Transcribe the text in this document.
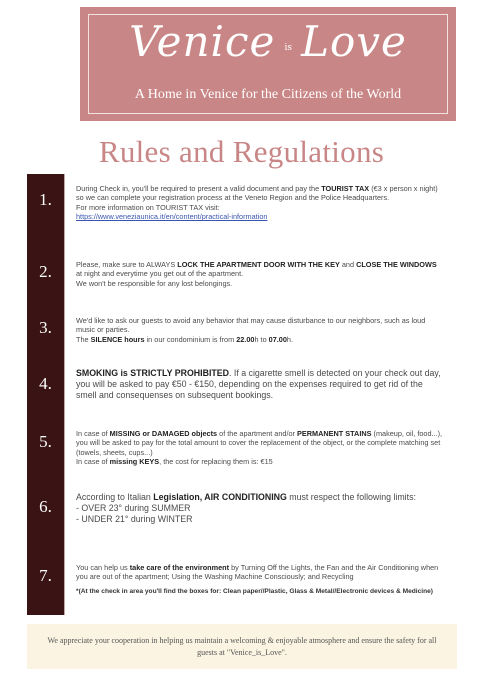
Venice $^{is}$ Love
A Home in Venice for the Citizens of the World
Rules and Regulations
1.
During Check in, you'll be required to present a valid document and pay the TOURIST TAX (€3 x person x night) so we can complete your registration process at the Veneto Region and the Police Headquarters.
For more information on TOURIST TAX visit:
https://www.veneziaunica.it/en/content/practical-information
2.	Please, make sure to ALWAYS LOCK THE APARTMENT DOOR WITH THE KEY and CLOSE THE WINDOWS at night and everytime you get out of the apartment.
We won't be responsible for any lost belongings.
3.	We'd like to ask our guests to avoid any behavior that may cause disturbance to our neighbors, such as loud music or parties.
The SILENCE hours in our condominium is from 22.00h to 07.00h.
4.
SMOKING is STRICTLY PROHIBITED. If a cigarette smell is detected on your check out day, you will be asked to pay €50 - €150, depending on the expenses required to get rid of the smell and consequenses on subsequent bookings.
5.	In case of MISSING or DAMAGED objects of the apartment and/or PERMANENT STAINS (makeup, oil, food...), you will be asked to pay for the total amount to cover the replacement of the object, or the complete matching set (towels, sheets, cups...)
In case of missing KEYS, the cost for replacing them is: €15
6.	According to Italian Legislation, AIR CONDITIONING must respect the following limits:
- OVER 23° during SUMMER
- UNDER 21° during WINTER
7.	You can help us take care of the environment by Turning Off the Lights, the Fan and the Air Conditioning when you are out of the apartment; Using the Washing Machine Consciously; and Recycling
*(At the check in area you'll find the boxes for: Clean paper//Plastic, Glass & Metal//Electronic devices & Medicine)
We appreciate your cooperation in helping us maintain a welcoming & enjoyable atmosphere and ensure the safety for all guests at "Venice_is_Love".
